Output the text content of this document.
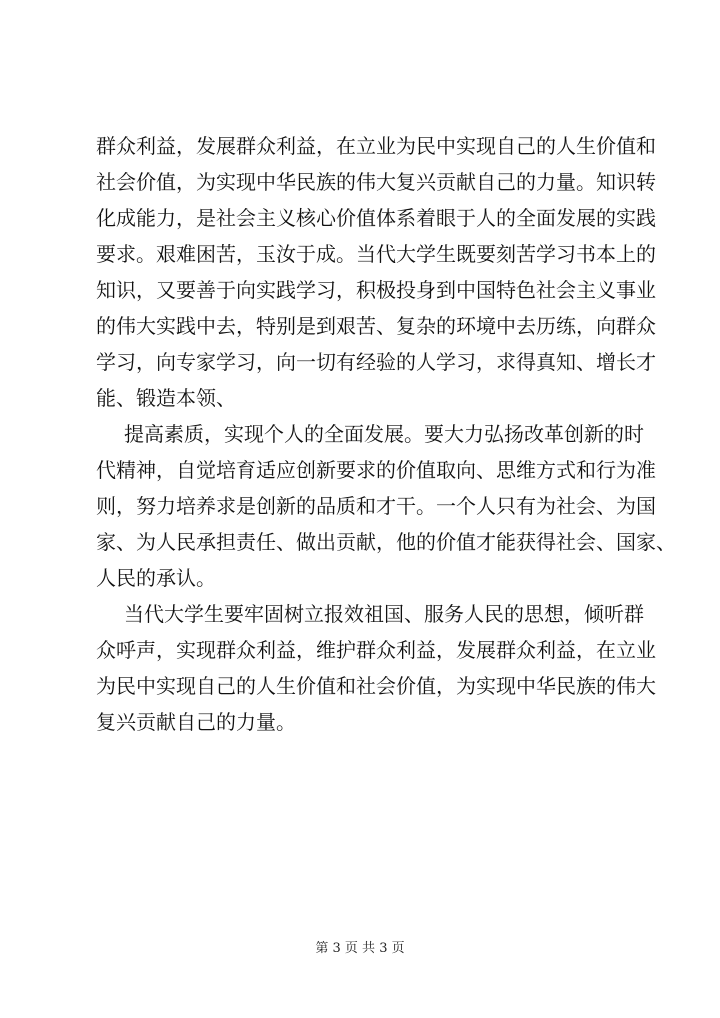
群众利益，发展群众利益，在立业为民中实现自己的人生价值和
社会价值，为实现中华民族的伟大复兴贡献自己的力量。知识转
化成能力，是社会主义核心价值体系着眼于人的全面发展的实践
要求。艰难困苦，玉汝于成。当代大学生既要刻苦学习书本上的
知识，又要善于向实践学习，积极投身到中国特色社会主义事业
的伟大实践中去，特别是到艰苦、复杂的环境中去历练，向群众
学习，向专家学习，向一切有经验的人学习，求得真知、增长才
能、锻造本领、
提高素质，实现个人的全面发展。要大力弘扬改革创新的时
代精神，自觉培育适应创新要求的价值取向、思维方式和行为准
则，努力培养求是创新的品质和才干。一个人只有为社会、为国
家、为人民承担责任、做出贡献，他的价值才能获得社会、国家、
人民的承认。
当代大学生要牢固树立报效祖国、服务人民的思想，倾听群
众呼声，实现群众利益，维护群众利益，发展群众利益，在立业
为民中实现自己的人生价值和社会价值，为实现中华民族的伟大
复兴贡献自己的力量。
第 3 页 共 3 页
